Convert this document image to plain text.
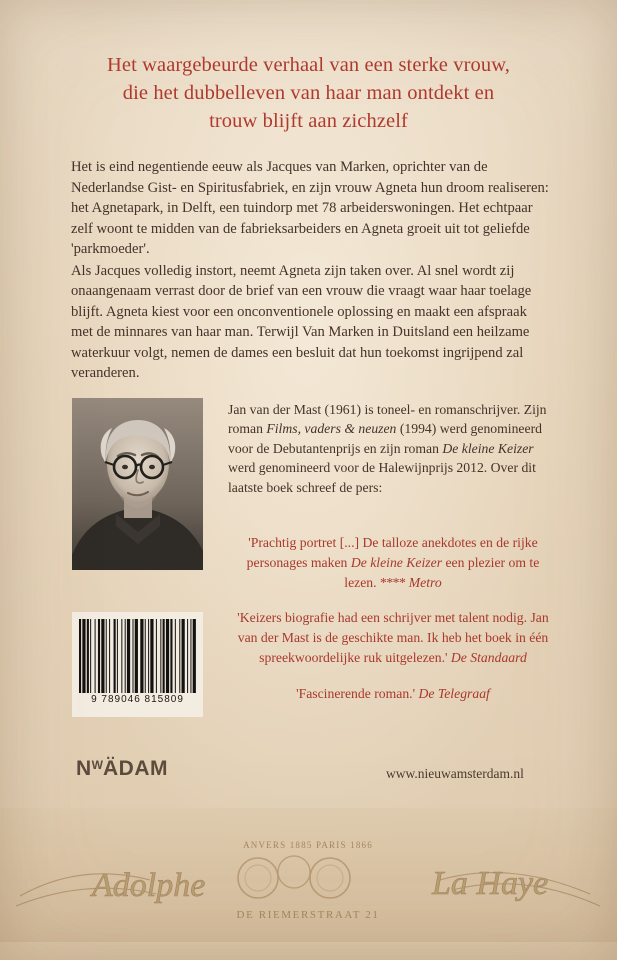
Het waargebeurde verhaal van een sterke vrouw,
die het dubbelleven van haar man ontdekt en
trouw blijft aan zichzelf

Het is eind negentiende eeuw als Jacques van Marken, oprichter van de Nederlandse Gist- en Spiritusfabriek, en zijn vrouw Agneta hun droom realiseren: het Agnetapark, in Delft, een tuindorp met 78 arbeiderswoningen. Het echtpaar zelf woont te midden van de fabrieksarbeiders en Agneta groeit uit tot geliefde 'parkmoeder'.

Als Jacques volledig instort, neemt Agneta zijn taken over. Al snel wordt zij onaangenaam verrast door de brief van een vrouw die vraagt waar haar toelage blijft. Agneta kiest voor een onconventionele oplossing en maakt een afspraak met de minnares van haar man. Terwijl Van Marken in Duitsland een heilzame waterkuur volgt, nemen de dames een besluit dat hun toekomst ingrijpend zal veranderen.

Jan van der Mast (1961) is toneel- en romanschrijver. Zijn roman Films, vaders & neuzen (1994) werd genomineerd voor de Debutantenprijs en zijn roman De kleine Keizer werd genomineerd voor de Halewijnprijs 2012. Over dit laatste boek schreef de pers:

'Prachtig portret [...] De talloze anekdotes en de rijke personages maken De kleine Keizer een plezier om te lezen. **** Metro

'Keizers biografie had een schrijver met talent nodig. Jan van der Mast is de geschikte man. Ik heb het boek in één spreekwoordelijke ruk uitgelezen.' De Standaard

'Fascinerende roman.' De Telegraaf

9 789046 815809
$N^WÄDAM$	www.nieuwamsterdam.nl
Adolphe	La Haye
ANVERS 1885 PARIS 1866
DE RIEMERSTRAAT 21
